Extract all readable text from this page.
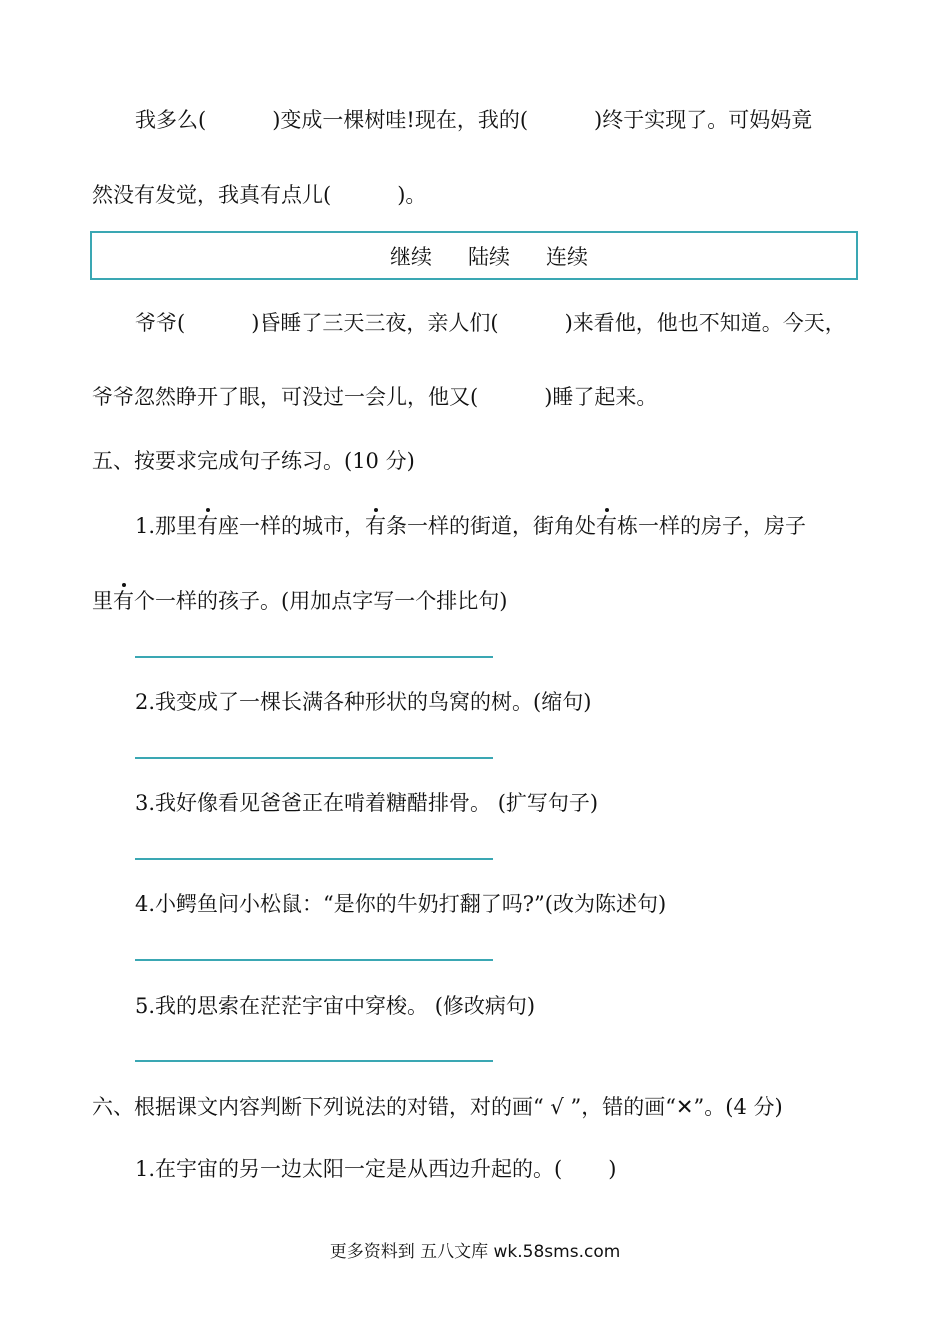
我多么(	)变成一棵树哇!现在，我的(	)终于实现了。可妈妈竟
然没有发觉，我真有点儿(	)。
继续 陆续 连续
爷爷(	)昏睡了三天三夜，亲人们(	)来看他，他也不知道。今天，
爷爷忽然睁开了眼，可没过一会儿，他又(	)睡了起来。
五、按要求完成句子练习。(10 分)
1.那里有座一样的城市，有条一样的街道，街角处有栋一样的房子，房子
里有个一样的孩子。(用加点字写一个排比句)
2.我变成了一棵长满各种形状的鸟窝的树。(缩句)
3.我好像看见爸爸正在啃着糖醋排骨。 (扩写句子)
4.小鳄鱼问小松鼠：“是你的牛奶打翻了吗?”(改为陈述句)
5.我的思索在茫茫宇宙中穿梭。 (修改病句)
六、根据课文内容判断下列说法的对错，对的画“ √ ”，错的画“✕”。(4 分)
1.在宇宙的另一边太阳一定是从西边升起的。( )
更多资料到 五八文库 wk.58sms.com
